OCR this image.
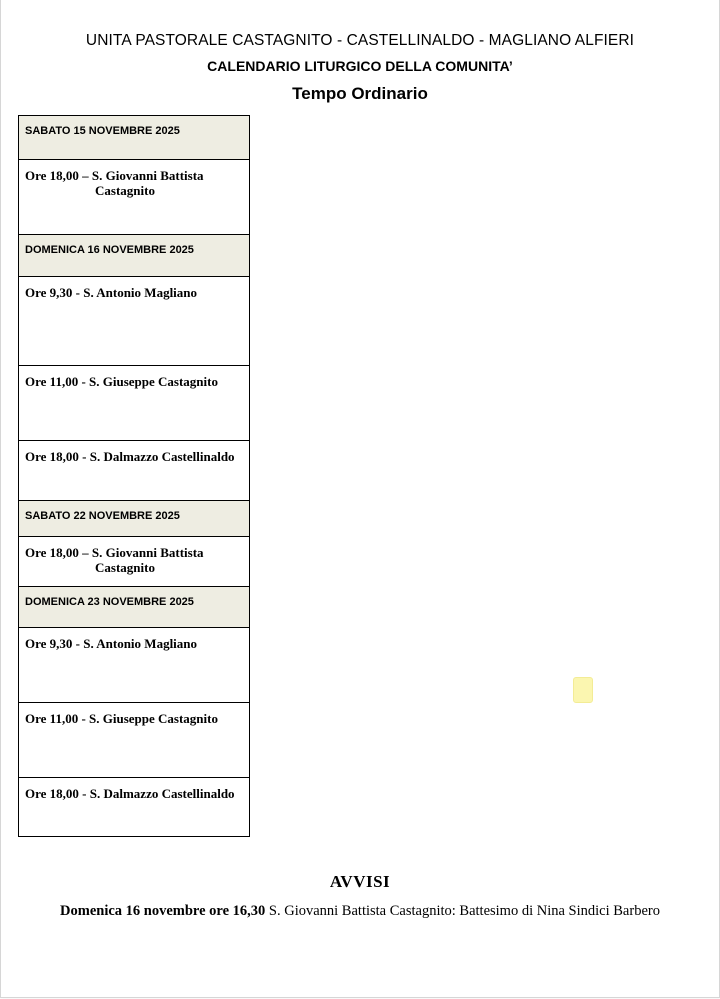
UNITA PASTORALE CASTAGNITO - CASTELLINALDO - MAGLIANO ALFIERI
CALENDARIO LITURGICO DELLA COMUNITA’
Tempo Ordinario
SABATO 15 NOVEMBRE 2025
Ore 18,00 – S. Giovanni Battista
Castagnito
DOMENICA 16 NOVEMBRE 2025
Ore 9,30 - S. Antonio Magliano
Ore 11,00 - S. Giuseppe Castagnito
Ore 18,00 - S. Dalmazzo Castellinaldo
SABATO 22 NOVEMBRE 2025
Ore 18,00 – S. Giovanni Battista
Castagnito
DOMENICA 23 NOVEMBRE 2025
Ore 9,30 - S. Antonio Magliano
Ore 11,00 - S. Giuseppe Castagnito
Ore 18,00 - S. Dalmazzo Castellinaldo
AVVISI
Domenica 16 novembre ore 16,30 S. Giovanni Battista Castagnito: Battesimo di Nina Sindici Barbero
